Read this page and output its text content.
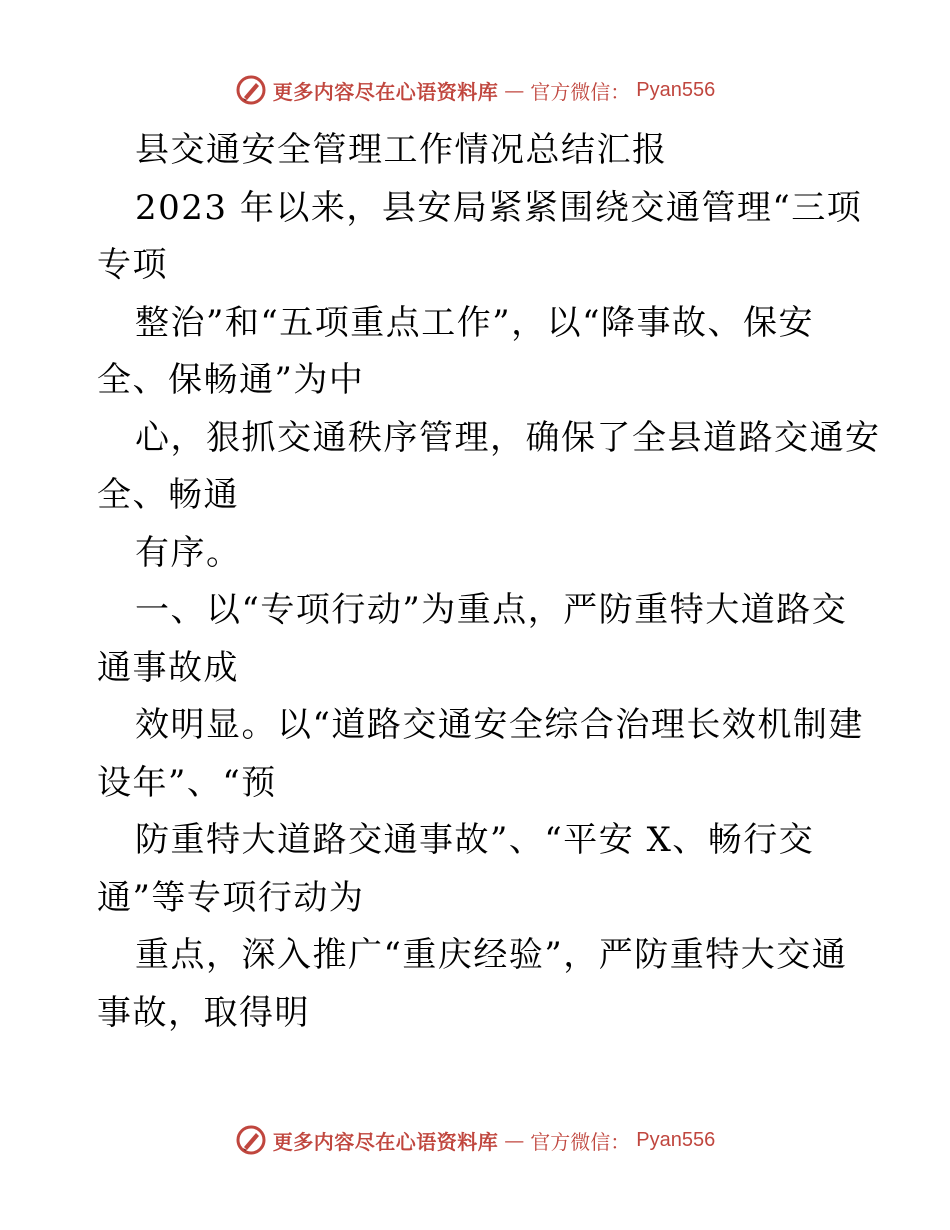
更多内容尽在心语资料库 — 官方微信： Pyan556
县交通安全管理工作情况总结汇报
2023 年以来，县安局紧紧围绕交通管理“三项
专项
整治”和“五项重点工作”，以“降事故、保安
全、保畅通”为中
心，狠抓交通秩序管理，确保了全县道路交通安
全、畅通
有序。
一、以“专项行动”为重点，严防重特大道路交
通事故成
效明显。以“道路交通安全综合治理长效机制建
设年”、“预
防重特大道路交通事故”、“平安 X、畅行交
通”等专项行动为
重点，深入推广“重庆经验”，严防重特大交通
事故，取得明
更多内容尽在心语资料库 — 官方微信： Pyan556
